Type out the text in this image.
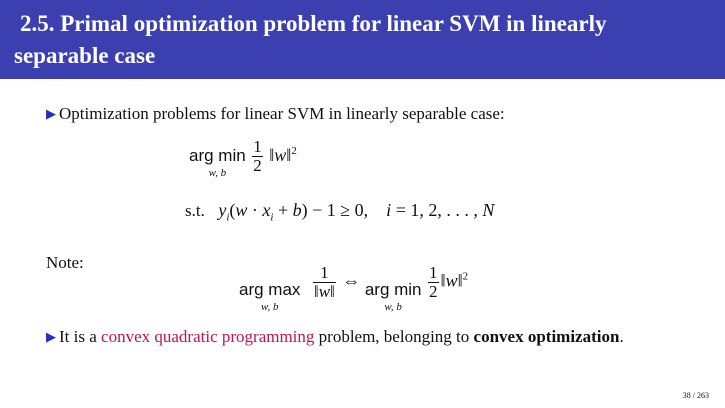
2.5. Primal optimization problem for linear SVM in linearly
separable case
▶ Optimization problems for linear SVM in linearly separable case:
arg min
w, b
	$\frac{1}{2}$ ‖w‖$^2$
s.t. $y_i(w \cdot x_i + b) - 1 \ge 0$,    i = 1, 2, . . . , N
Note:
arg max
w, b

$\frac{1}{‖w‖}$ ⇔ arg min
w, b

$\frac{1}{2}$ ‖w‖$^2$
▶ It is a convex quadratic programming problem, belonging to convex optimization.
38 / 263
